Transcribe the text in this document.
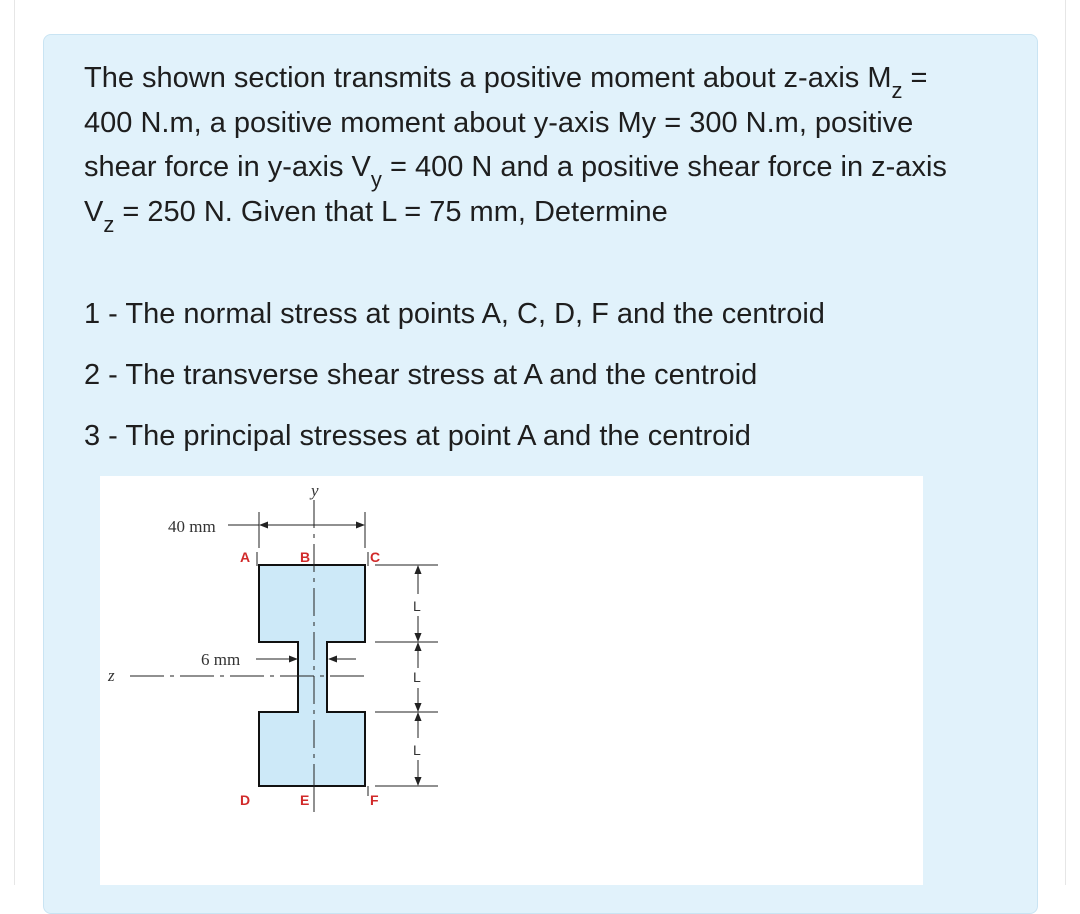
The shown section transmits a positive moment about z-axis $M_z = 400$ N.m, a positive moment about y-axis My = 300 N.m, positive shear force in y-axis $V_y = 400$ N and a positive shear force in z-axis $V_z = 250$ N. Given that L = 75 mm, Determine

1 - The normal stress at points A, C, D, F and the centroid
2 - The transverse shear stress at A and the centroid
3 - The principal stresses at point A and the centroid
y
z
40 mm
6 mm
L
L
L
A	B	C
D	E	F
